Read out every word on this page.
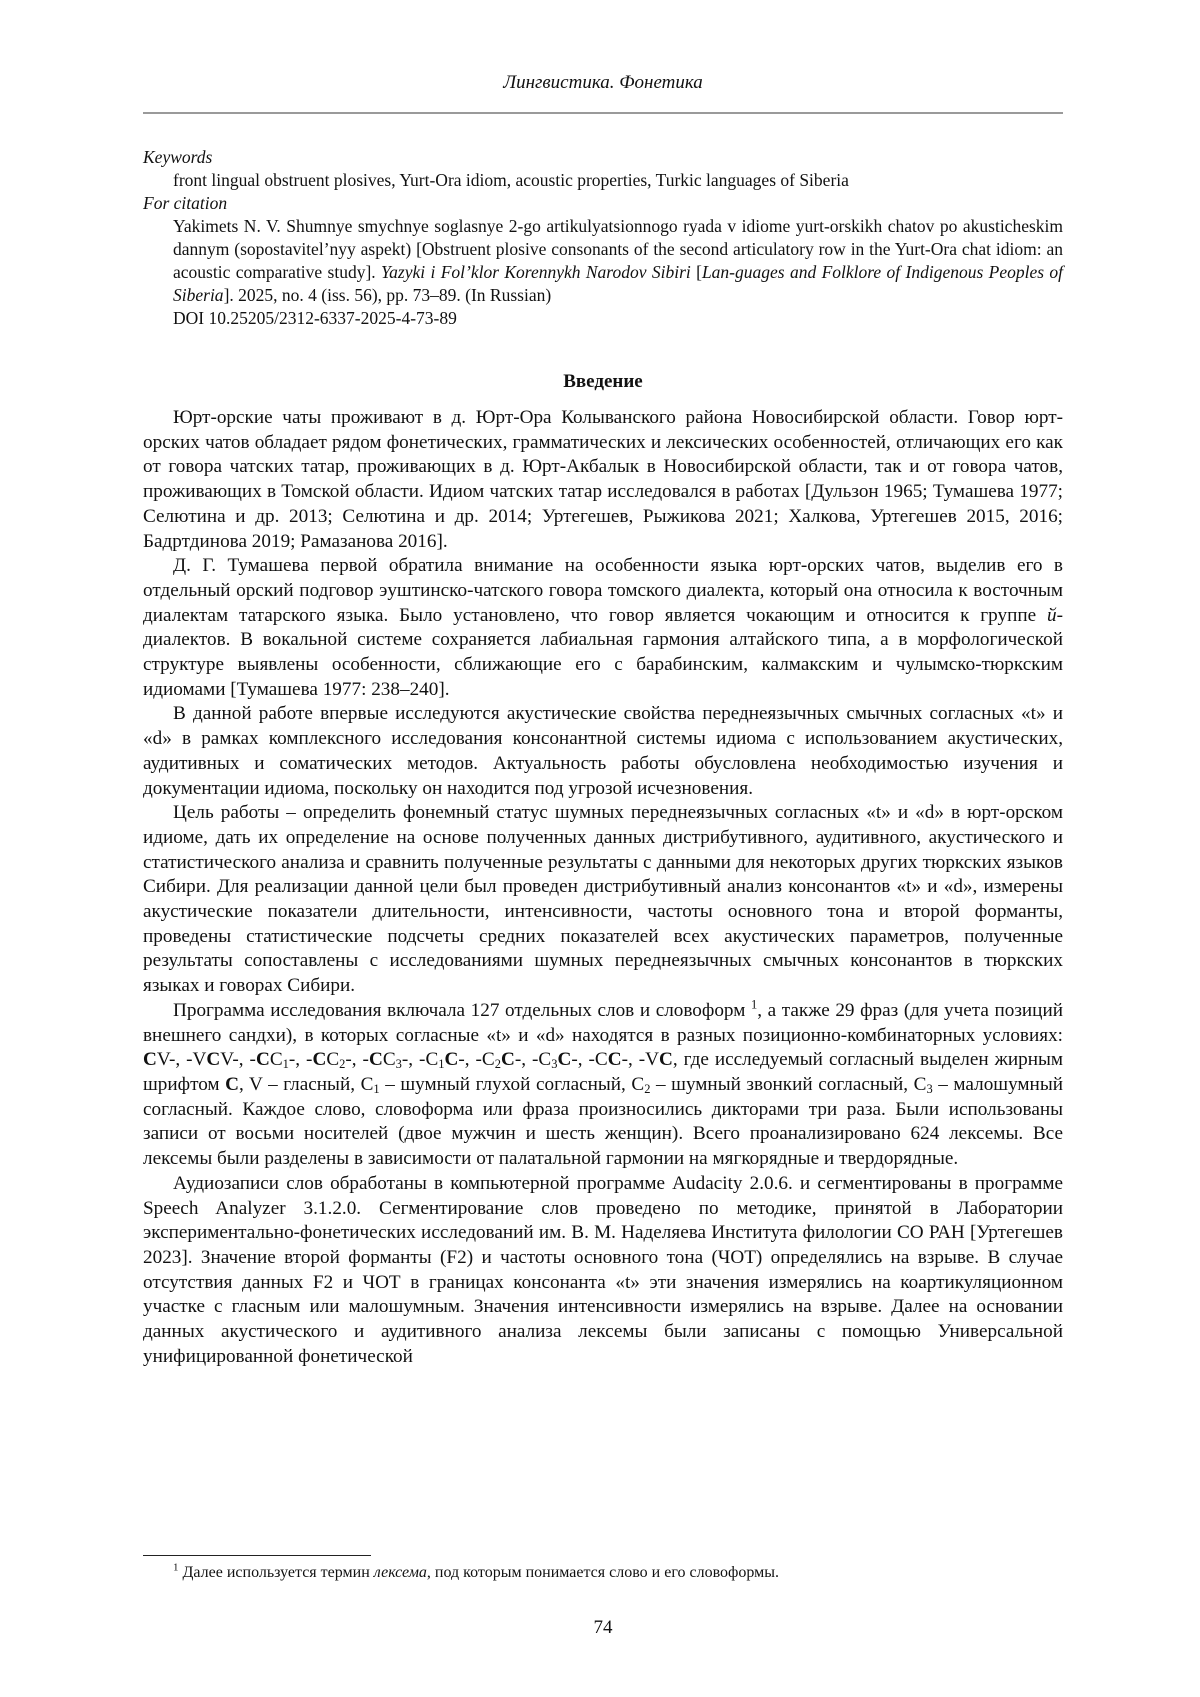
Лингвистика. Фонетика
Keywords
front lingual obstruent plosives, Yurt-Ora idiom, acoustic properties, Turkic languages of Siberia
For citation
Yakimets N. V. Shumnye smychnye soglasnye 2-go artikulyatsionnogo ryada v idiome yurt-orskikh chatov po akusticheskim dannym (sopostavitel’nyy aspekt) [Obstruent plosive consonants of the second articulatory row in the Yurt-Ora chat idiom: an acoustic comparative study]. Yazyki i Fol’klor Korennykh Narodov Sibiri [Lan-guages and Folklore of Indigenous Peoples of Siberia]. 2025, no. 4 (iss. 56), pp. 73–89. (In Russian)
DOI 10.25205/2312-6337-2025-4-73-89
Введение

Юрт-орские чаты проживают в д. Юрт-Ора Колыванского района Новосибирской области. Говор юрт-орских чатов обладает рядом фонетических, грамматических и лексических особенностей, отличающих его как от говора чатских татар, проживающих в д. Юрт-Акбалык в Новосибирской области, так и от говора чатов, проживающих в Томской области. Идиом чатских татар исследовался в работах [Дульзон 1965; Тумашева 1977; Селютина и др. 2013; Селютина и др. 2014; Уртегешев, Рыжикова 2021; Халкова, Уртегешев 2015, 2016; Бадртдинова 2019; Рамазанова 2016].

Д. Г. Тумашева первой обратила внимание на особенности языка юрт-орских чатов, выделив его в отдельный орский подговор эуштинско-чатского говора томского диалекта, который она относила к восточным диалектам татарского языка. Было установлено, что говор является чокающим и относится к группе й-диалектов. В вокальной системе сохраняется лабиальная гармония алтайского типа, а в морфологической структуре выявлены особенности, сближающие его с барабинским, калмакским и чулымско-тюркским идиомами [Тумашева 1977: 238–240].

В данной работе впервые исследуются акустические свойства переднеязычных смычных согласных «t» и «d» в рамках комплексного исследования консонантной системы идиома с использованием акустических, аудитивных и соматических методов. Актуальность работы обусловлена необходимостью изучения и документации идиома, поскольку он находится под угрозой исчезновения.

Цель работы – определить фонемный статус шумных переднеязычных согласных «t» и «d» в юрт-орском идиоме, дать их определение на основе полученных данных дистрибутивного, аудитивного, акустического и статистического анализа и сравнить полученные результаты с данными для некоторых других тюркских языков Сибири. Для реализации данной цели был проведен дистрибутивный анализ консонантов «t» и «d», измерены акустические показатели длительности, интенсивности, частоты основного тона и второй форманты, проведены статистические подсчеты средних показателей всех акустических параметров, полученные результаты сопоставлены с исследованиями шумных переднеязычных смычных консонантов в тюркских языках и говорах Сибири.

Программа исследования включала 127 отдельных слов и словоформ $^1$, а также 29 фраз (для учета позиций внешнего сандхи), в которых согласные «t» и «d» находятся в разных позиционно-комбинаторных условиях: CV-, -VCV-, $-CC_1-$, $-CC_2-$, $-CC_3-$, $-C_1C-$, $-C_2C-$, $-C_3C-$, -CC-, -VC, где исследуемый согласный выделен жирным шрифтом C, V – гласный, $C_1$ – шумный глухой согласный, $C_2$ – шумный звонкий согласный, $C_3$ – малошумный согласный. Каждое слово, словоформа или фраза произносились дикторами три раза. Были использованы записи от восьми носителей (двое мужчин и шесть женщин). Всего проанализировано 624 лексемы. Все лексемы были разделены в зависимости от палатальной гармонии на мягкорядные и твердорядные.

Аудиозаписи слов обработаны в компьютерной программе Audacity 2.0.6. и сегментированы в программе Speech Analyzer 3.1.2.0. Сегментирование слов проведено по методике, принятой в Лаборатории экспериментально-фонетических исследований им. В. М. Наделяева Института филологии СО РАН [Уртегешев 2023]. Значение второй форманты (F2) и частоты основного тона (ЧОТ) определялись на взрыве. В случае отсутствия данных F2 и ЧОТ в границах консонанта «t» эти значения измерялись на коартикуляционном участке с гласным или малошумным. Значения интенсивности измерялись на взрыве. Далее на основании данных акустического и аудитивного анализа лексемы были записаны с помощью Универсальной унифицированной фонетической

$^1$ Далее используется термин лексема, под которым понимается слово и его словоформы.
74
